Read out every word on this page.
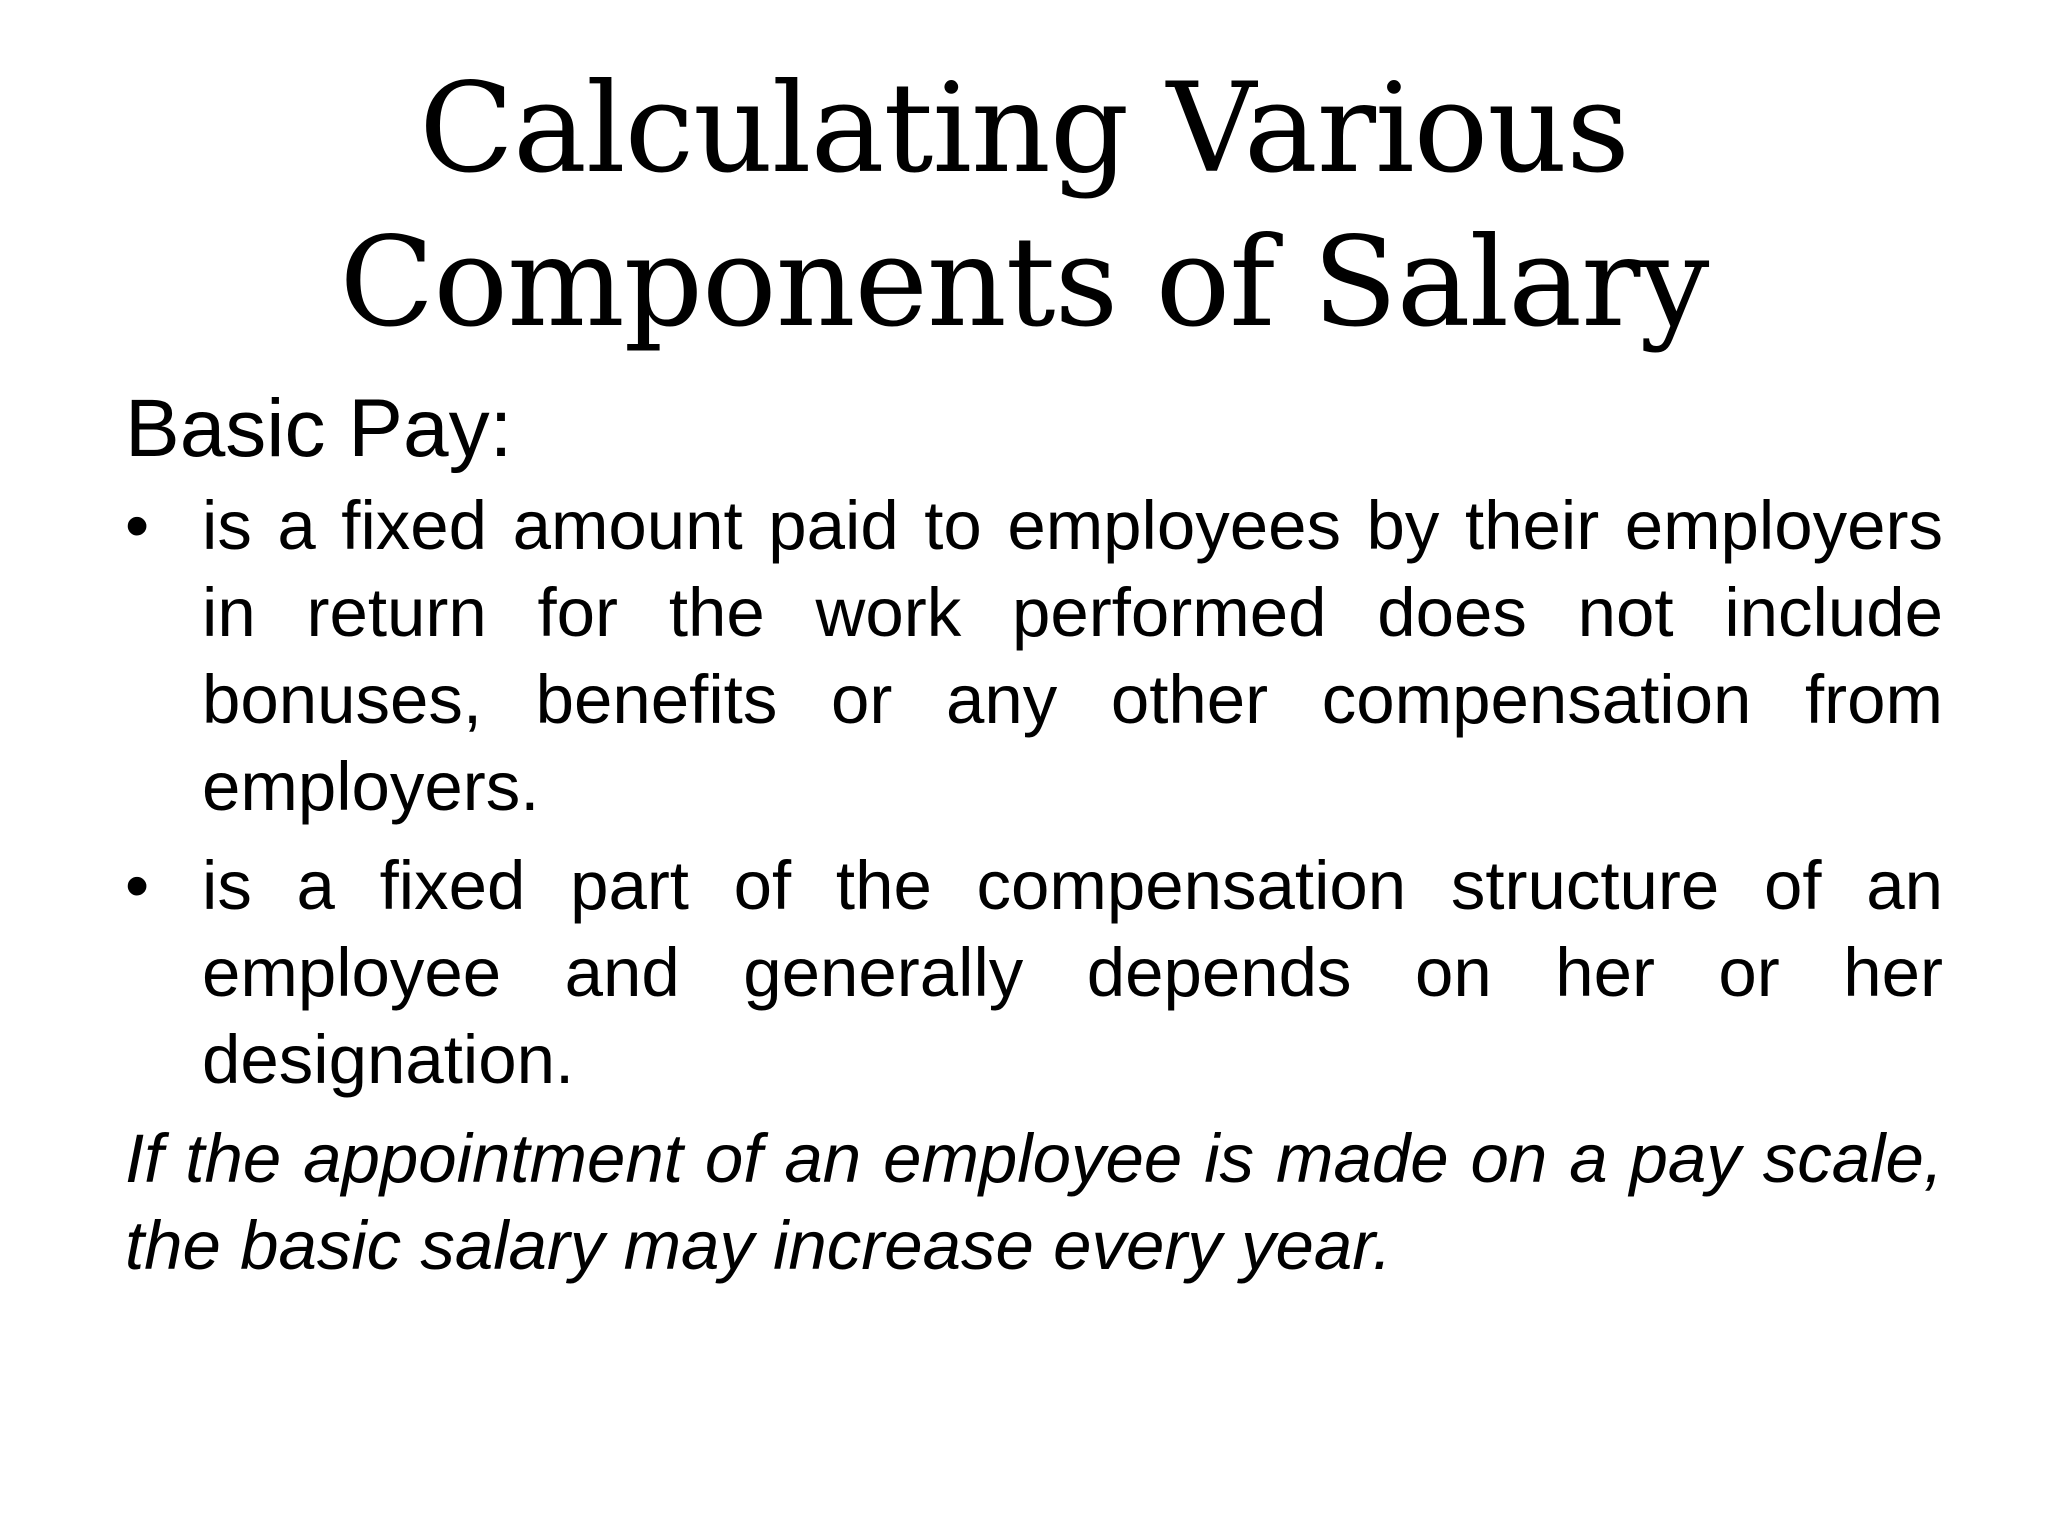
Calculating Various
Components of Salary
Basic Pay:
• is a fixed amount paid to employees by their employers in return for the work performed does not include bonuses, benefits or any other compensation from employers.
• is a fixed part of the compensation structure of an employee and generally depends on her or her designation.

If the appointment of an employee is made on a pay scale, the basic salary may increase every year.
